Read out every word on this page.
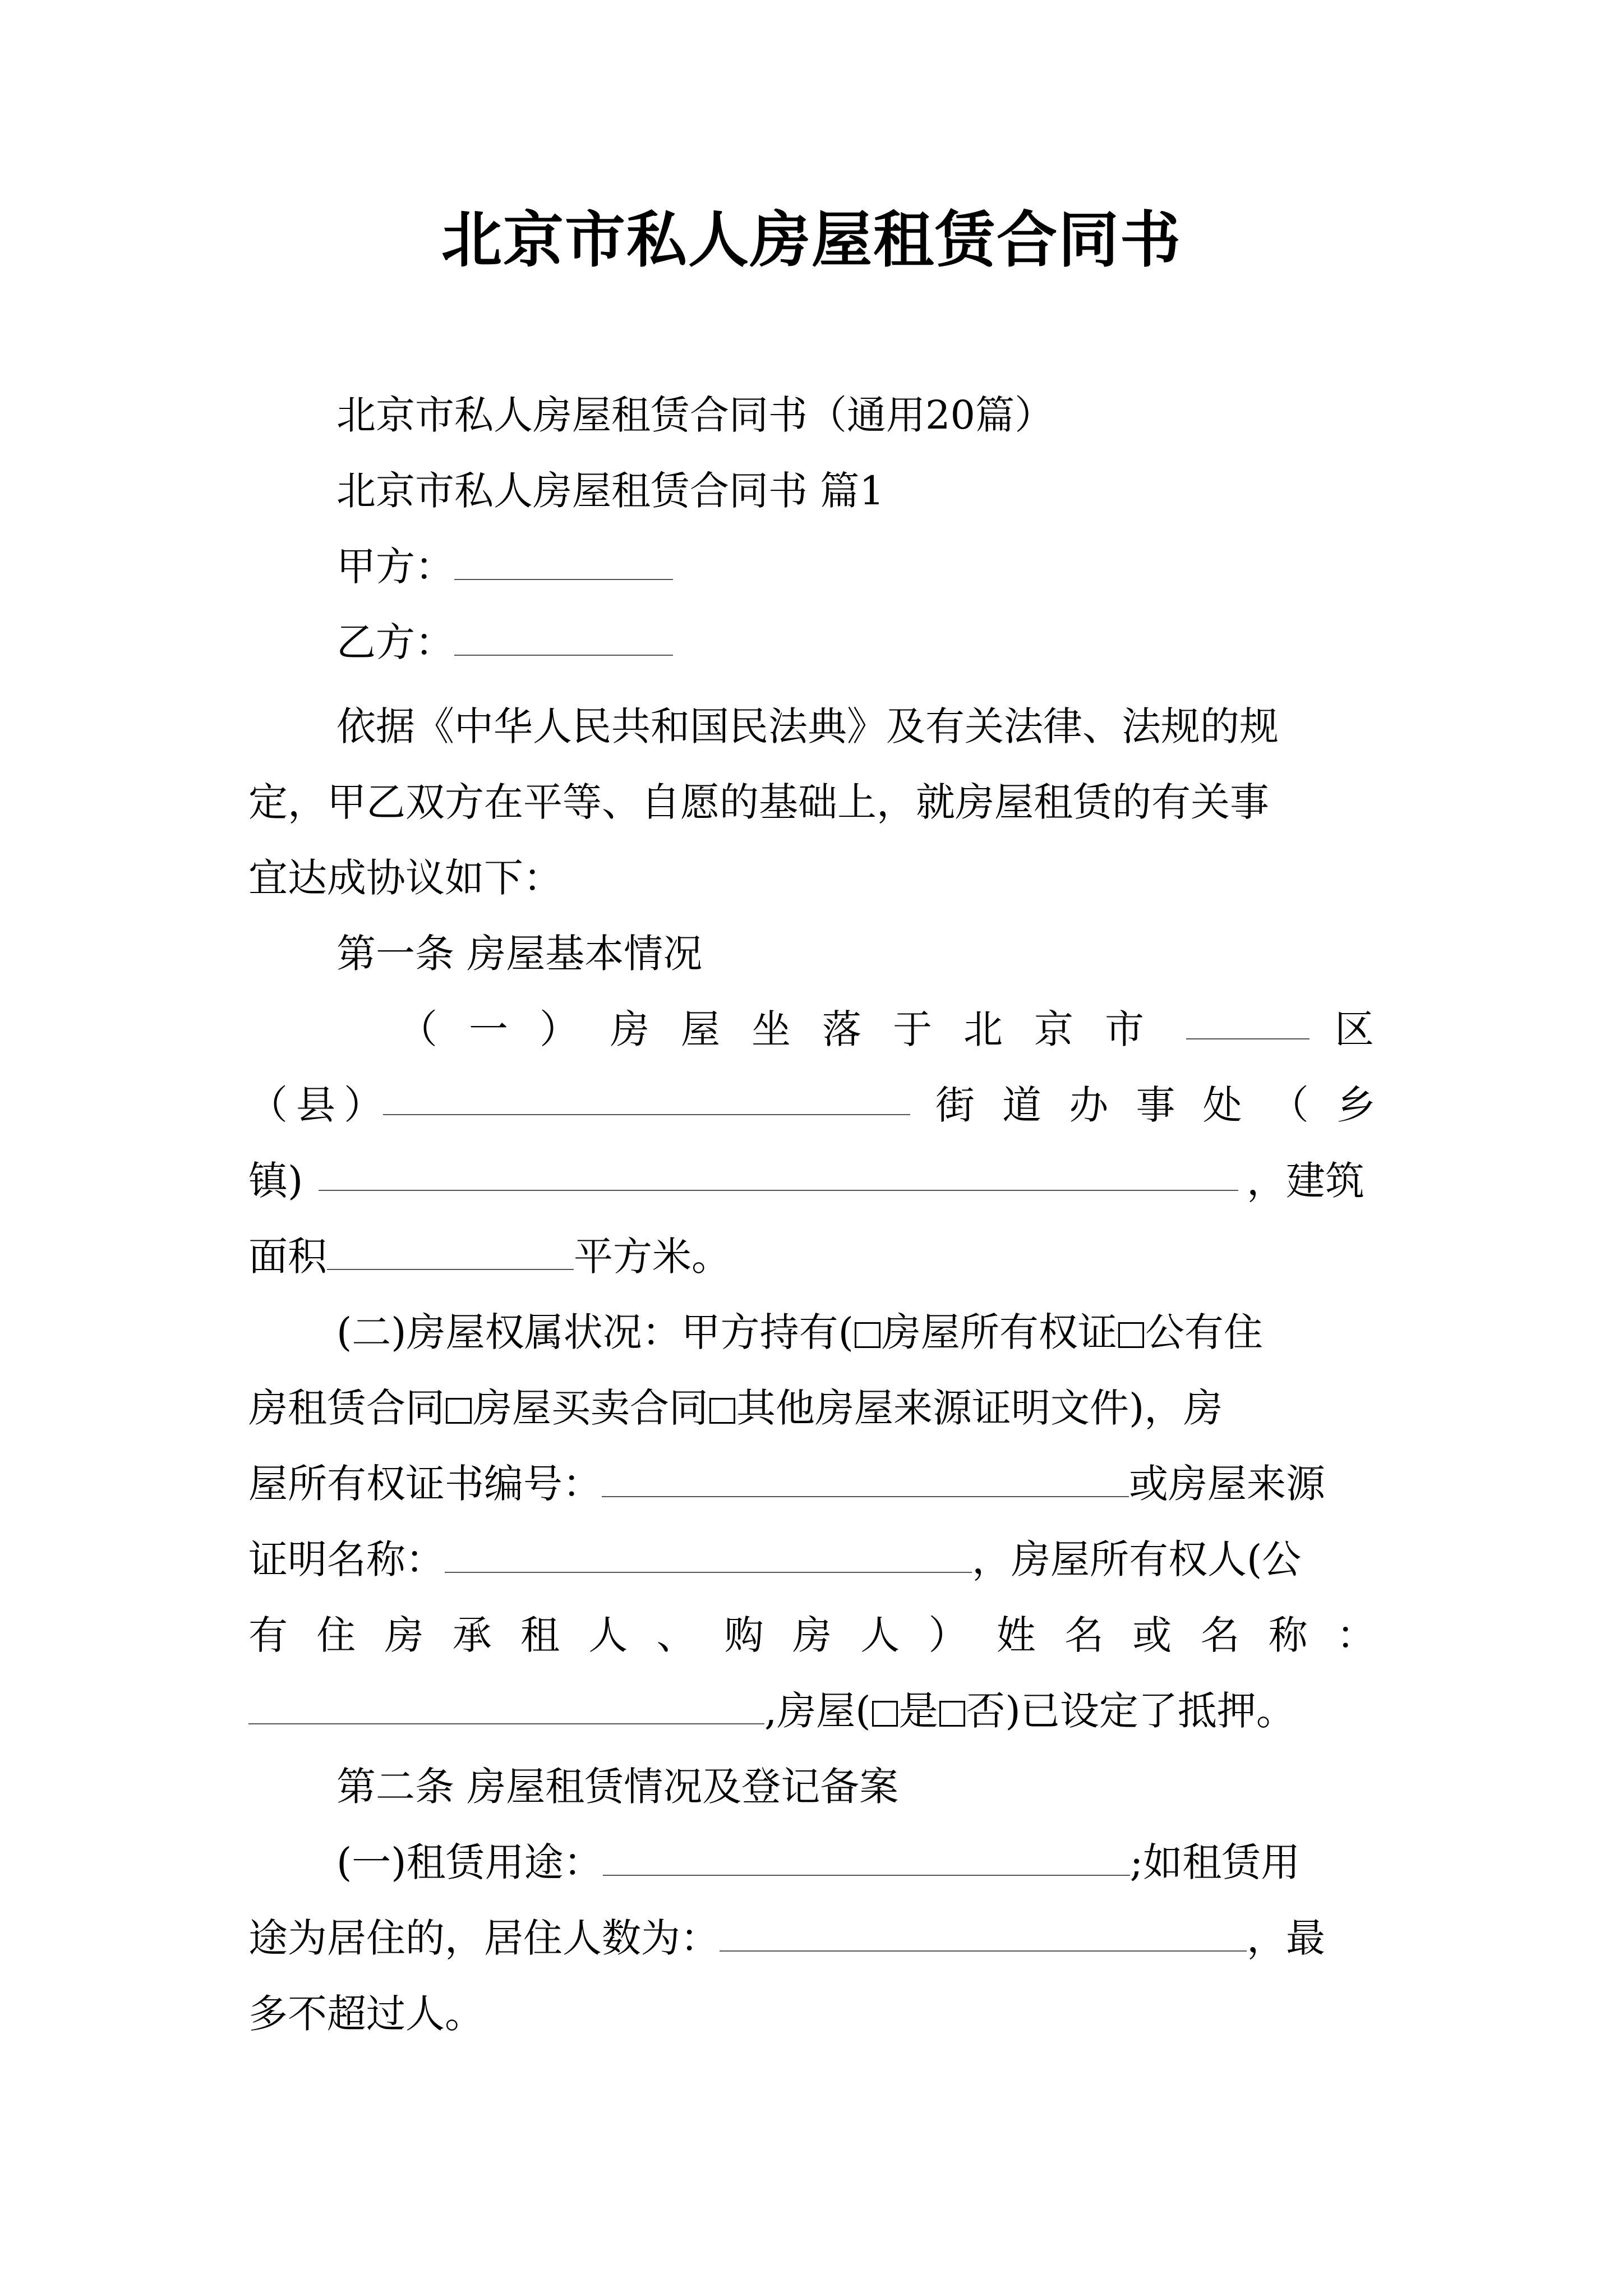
北京市私人房屋租赁合同书
北京市私人房屋租赁合同书（通用20篇）
北京市私人房屋租赁合同书 篇1
甲方：
乙方：
依据《中华人民共和国民法典》及有关法律、法规的规
定，甲乙双方在平等、自愿的基础上，就房屋租赁的有关事
宜达成协议如下：
第一条 房屋基本情况
（ 一 ） 房 屋 坐 落 于 北 京 市	区
（ 县 ）	街 道 办 事 处 （ 乡
镇)	，建筑
面积	平方米。
(二)房屋权属状况：甲方持有( 房屋所有权证 公有住
房租赁合同 房屋买卖合同 其他房屋来源证明文件)，房
屋所有权证书编号：	或房屋来源
证明名称：	，房屋所有权人(公
有 住 房 承 租 人 、 购 房 人 ） 姓 名 或 名 称 ：
,房屋( 是 否)已设定了抵押。
第二条 房屋租赁情况及登记备案
(一)租赁用途：	;如租赁用
途为居住的，居住人数为：	，最
多不超过人。
